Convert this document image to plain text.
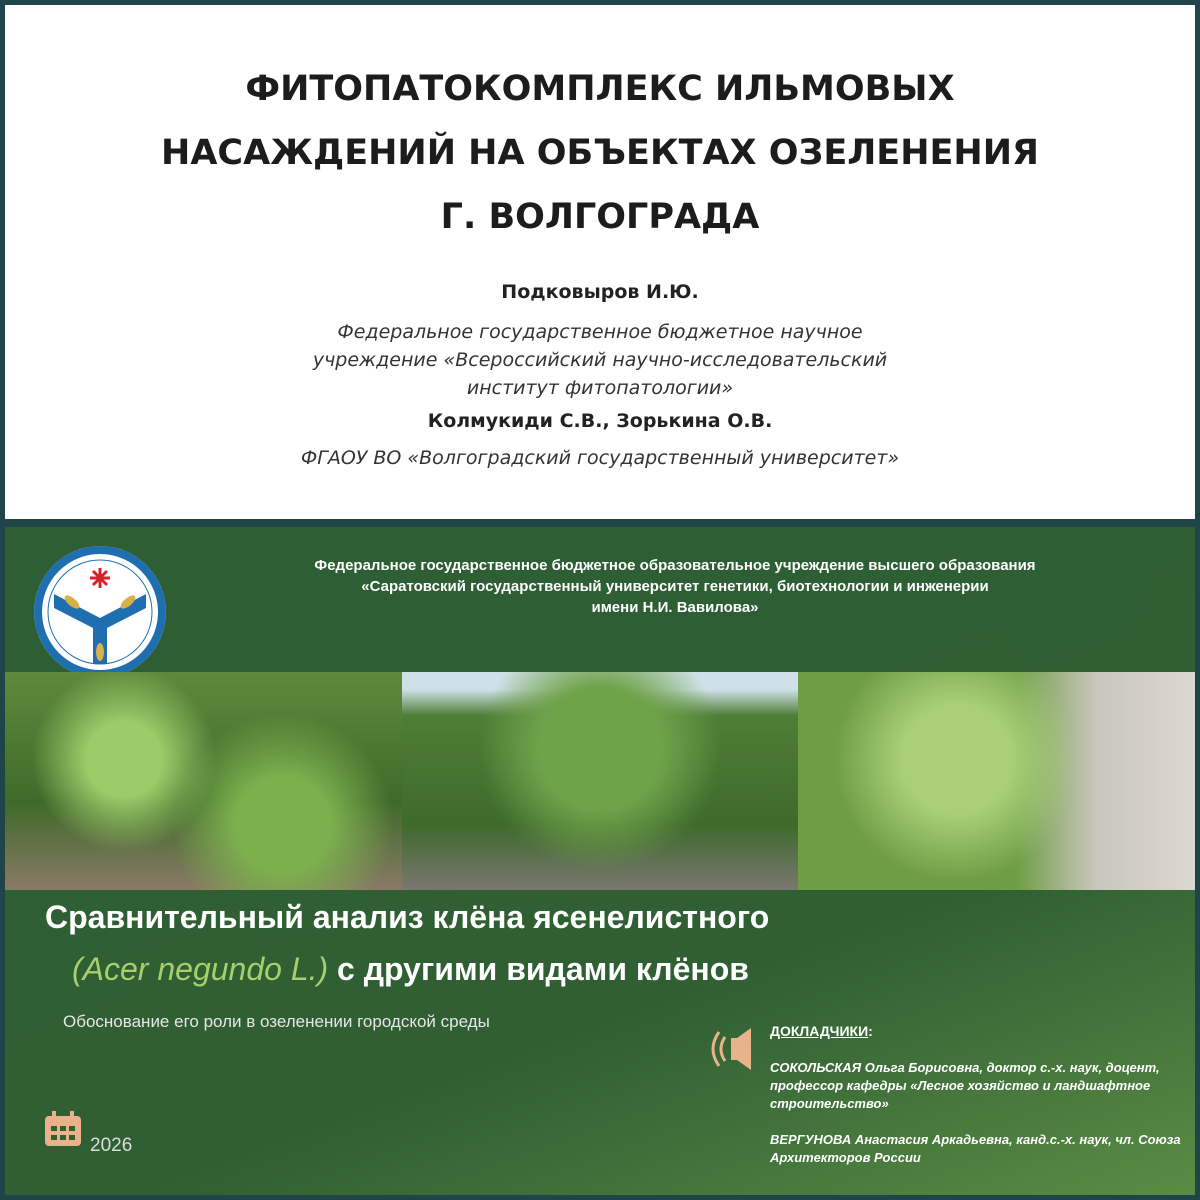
ФИТОПАТОКОМПЛЕКС ИЛЬМОВЫХ
НАСАЖДЕНИЙ НА ОБЪЕКТАХ ОЗЕЛЕНЕНИЯ
Г. ВОЛГОГРАДА
Подковыров И.Ю.
Федеральное государственное бюджетное научное
учреждение «Всероссийский научно-исследовательский
институт фитопатологии»
Колмукиди С.В., Зорькина О.В.
ФГАОУ ВО «Волгоградский государственный университет»
Федеральное государственное бюджетное образовательное учреждение высшего образования
«Саратовский государственный университет генетики, биотехнологии и инженерии
имени Н.И. Вавилова»
Сравнительный анализ клёна ясенелистного
(Acer negundo L.) с другими видами клёнов
Обоснование его роли в озеленении городской среды	ДОКЛАДЧИКИ:

СОКОЛЬСКАЯ Ольга Борисовна, доктор с.-х. наук, доцент, профессор кафедры «Лесное хозяйство и ландшафтное строительство»

ВЕРГУНОВА Анастасия Аркадьевна, канд.с.-х. наук, чл. Союза Архитекторов России

2026
